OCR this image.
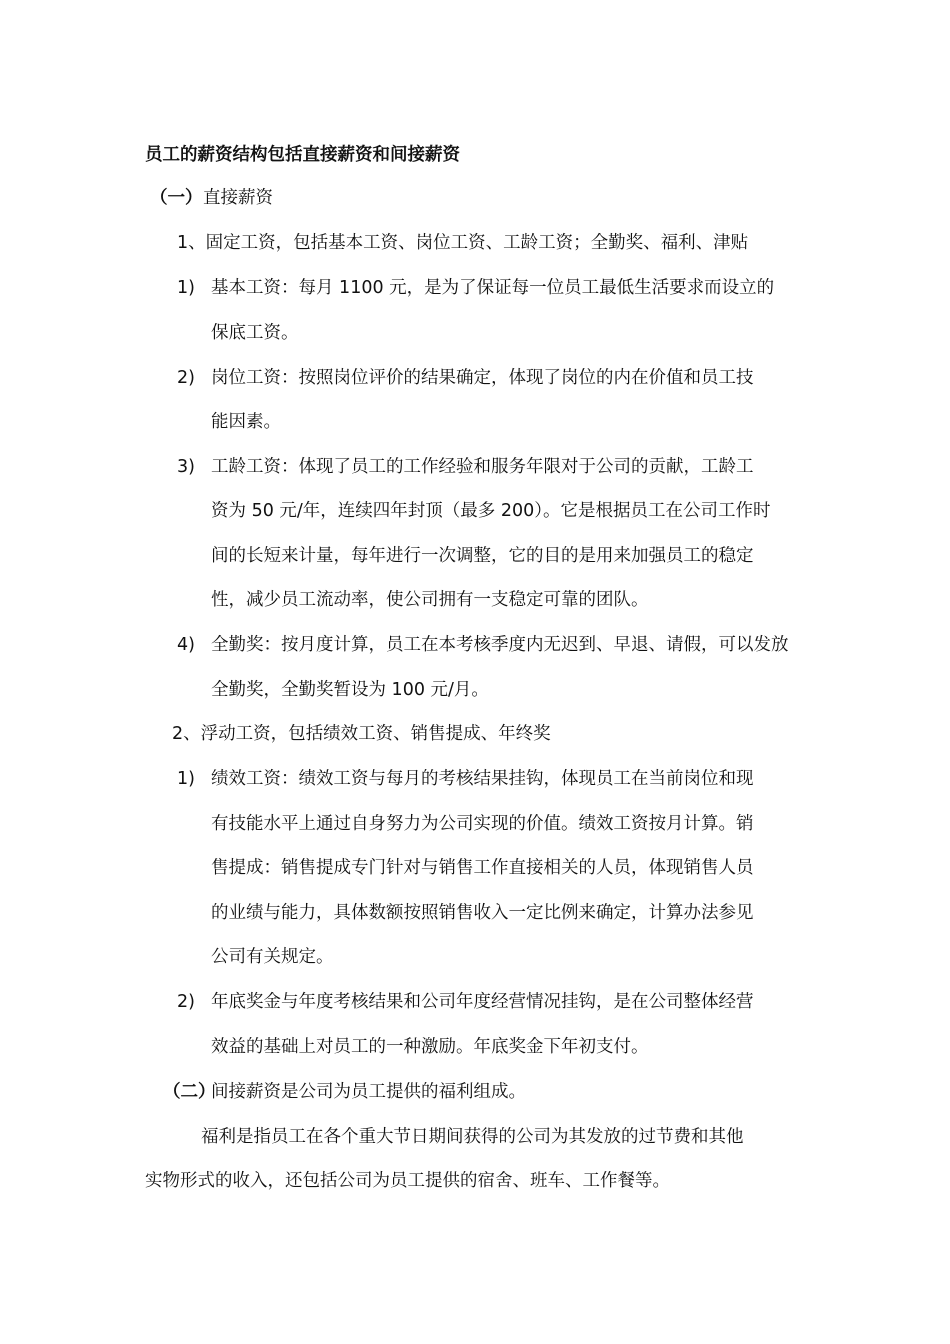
员工的薪资结构包括直接薪资和间接薪资
（一） 直接薪资
1、固定工资，包括基本工资、岗位工资、工龄工资；全勤奖、福利、津贴
1) 基本工资：每月 1100 元，是为了保证每一位员工最低生活要求而设立的
保底工资。
2) 岗位工资：按照岗位评价的结果确定，体现了岗位的内在价值和员工技
能因素。
3) 工龄工资：体现了员工的工作经验和服务年限对于公司的贡献，工龄工
资为 50 元/年，连续四年封顶（最多 200）。它是根据员工在公司工作时
间的长短来计量，每年进行一次调整，它的目的是用来加强员工的稳定
性，减少员工流动率，使公司拥有一支稳定可靠的团队。
4) 全勤奖：按月度计算，员工在本考核季度内无迟到、早退、请假，可以发放
全勤奖，全勤奖暂设为 100 元/月。
2、浮动工资，包括绩效工资、销售提成、年终奖
1) 绩效工资：绩效工资与每月的考核结果挂钩，体现员工在当前岗位和现
有技能水平上通过自身努力为公司实现的价值。绩效工资按月计算。销
售提成：销售提成专门针对与销售工作直接相关的人员，体现销售人员
的业绩与能力，具体数额按照销售收入一定比例来确定，计算办法参见
公司有关规定。
2) 年底奖金与年度考核结果和公司年度经营情况挂钩，是在公司整体经营
效益的基础上对员工的一种激励。年底奖金下年初支付。
（二）
间接薪资是公司为员工提供的福利组成。
福利是指员工在各个重大节日期间获得的公司为其发放的过节费和其他
实物形式的收入，还包括公司为员工提供的宿舍、班车、工作餐等。
